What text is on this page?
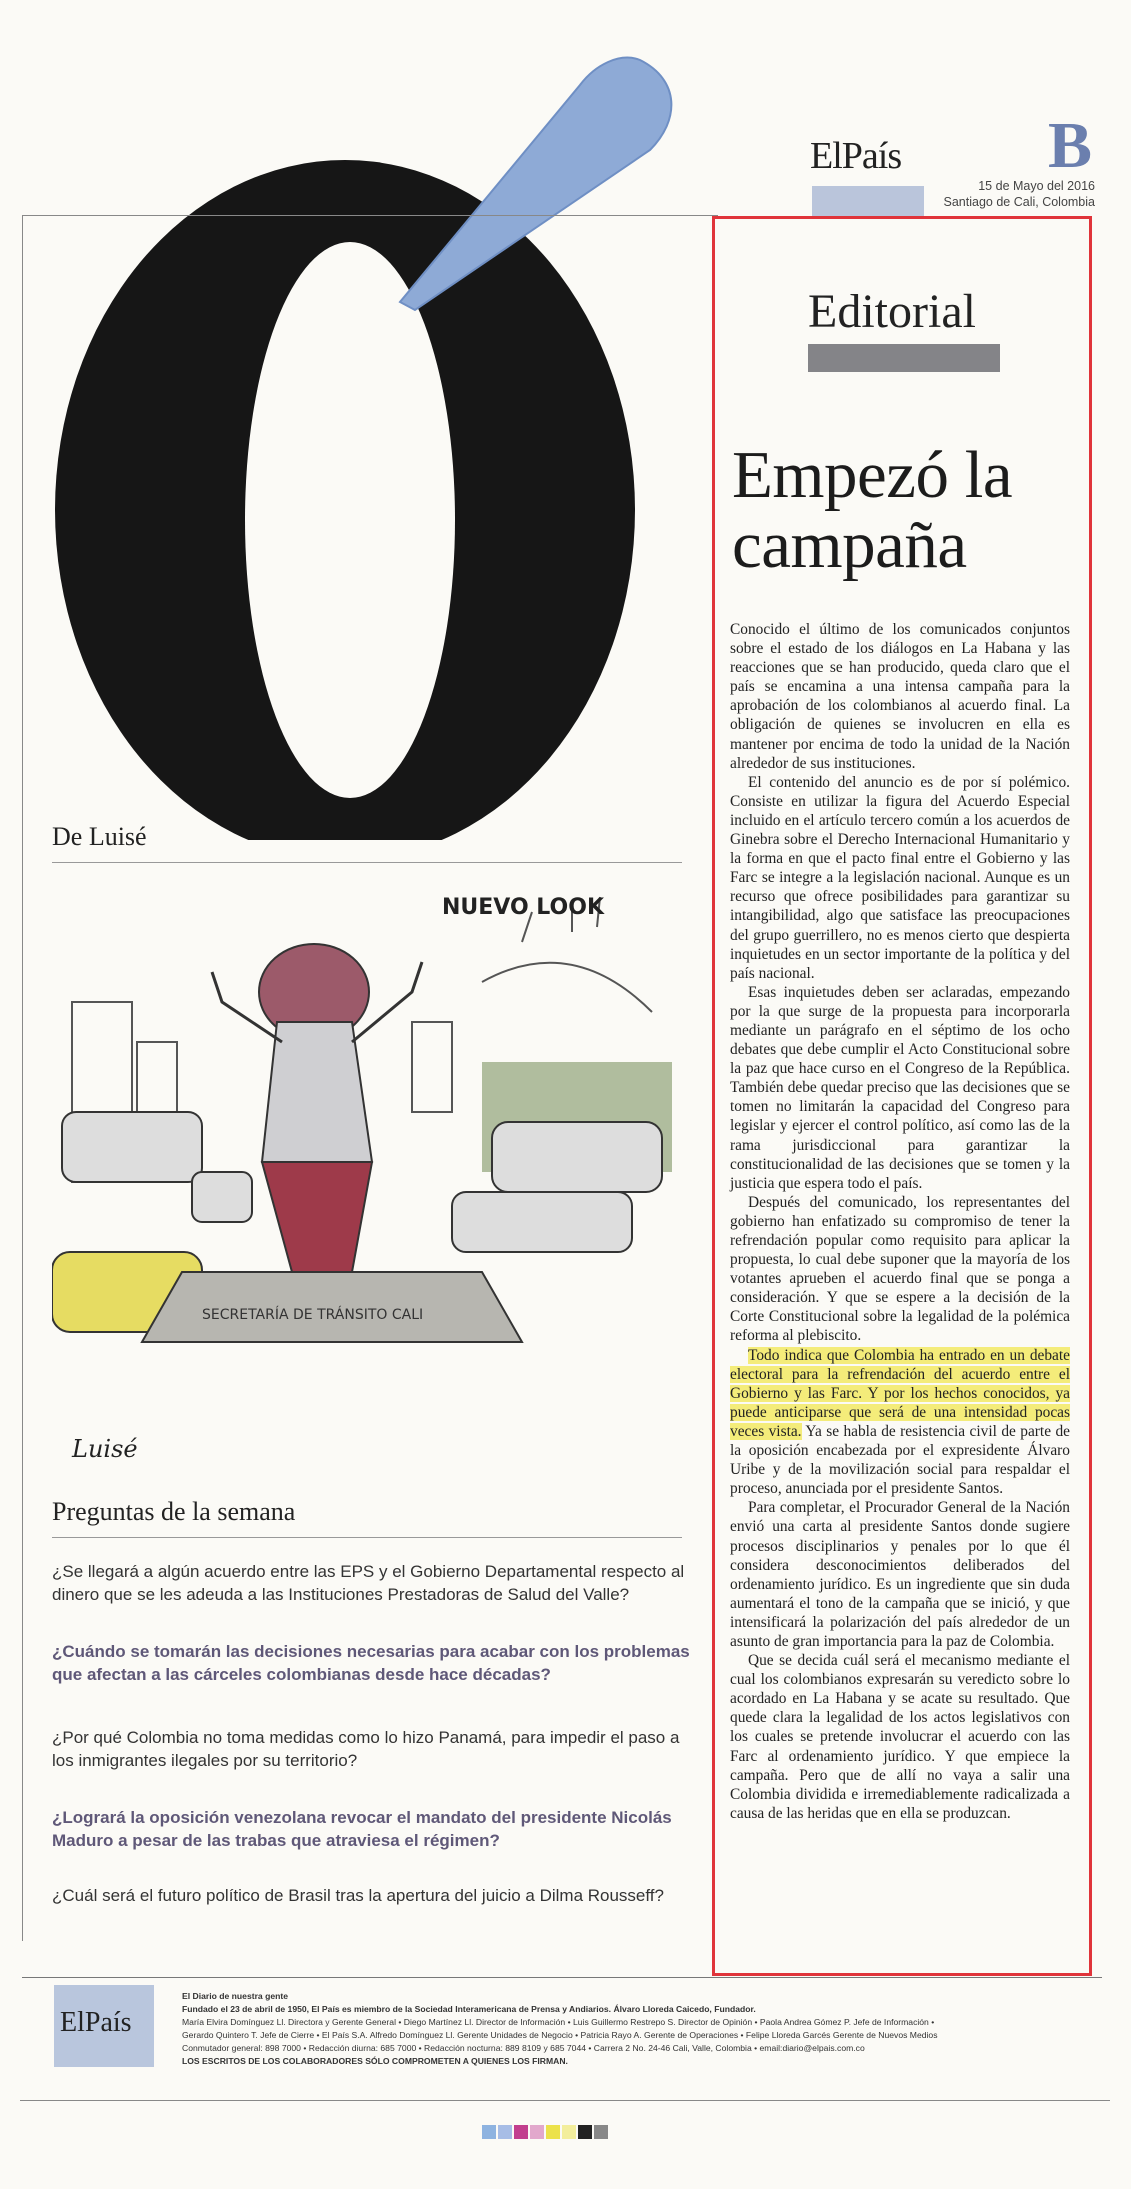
ElPaís B
15 de Mayo del 2016
Santiago de Cali, Colombia
Editorial
Empezó la campaña

Conocido el último de los comunicados conjuntos sobre el estado de los diálogos en La Habana y las reacciones que se han producido, queda claro que el país se encamina a una intensa campaña para la aprobación de los colombianos al acuerdo final. La obligación de quienes se involucren en ella es mantener por encima de todo la unidad de la Nación alrededor de sus instituciones.

El contenido del anuncio es de por sí polémico. Consiste en utilizar la figura del Acuerdo Especial incluido en el artículo tercero común a los acuerdos de Ginebra sobre el Derecho Internacional Humanitario y la forma en que el pacto final entre el Gobierno y las Farc se integre a la legislación nacional. Aunque es un recurso que ofrece posibilidades para garantizar su intangibilidad, algo que satisface las preocupaciones del grupo guerrillero, no es menos cierto que despierta inquietudes en un sector importante de la política y del país nacional.

Esas inquietudes deben ser aclaradas, empezando por la que surge de la propuesta para incorporarla mediante un parágrafo en el séptimo de los ocho debates que debe cumplir el Acto Constitucional sobre la paz que hace curso en el Congreso de la República. También debe quedar preciso que las decisiones que se tomen no limitarán la capacidad del Congreso para legislar y ejercer el control político, así como las de la rama jurisdiccional para garantizar la constitucionalidad de las decisiones que se tomen y la justicia que espera todo el país.

Después del comunicado, los representantes del gobierno han enfatizado su compromiso de tener la refrendación popular como requisito para aplicar la propuesta, lo cual debe suponer que la mayoría de los votantes aprueben el acuerdo final que se ponga a consideración. Y que se espere a la decisión de la Corte Constitucional sobre la legalidad de la polémica reforma al plebiscito.

Todo indica que Colombia ha entrado en un debate electoral para la refrendación del acuerdo entre el Gobierno y las Farc. Y por los hechos conocidos, ya puede anticiparse que será de una intensidad pocas veces vista. Ya se habla de resistencia civil de parte de la oposición encabezada por el expresidente Álvaro Uribe y de la movilización social para respaldar el proceso, anunciada por el presidente Santos.

Para completar, el Procurador General de la Nación envió una carta al presidente Santos donde sugiere procesos disciplinarios y penales por lo que él considera desconocimientos deliberados del ordenamiento jurídico. Es un ingrediente que sin duda aumentará el tono de la campaña que se inició, y que intensificará la polarización del país alrededor de un asunto de gran importancia para la paz de Colombia.

Que se decida cuál será el mecanismo mediante el cual los colombianos expresarán su veredicto sobre lo acordado en La Habana y se acate su resultado. Que quede clara la legalidad de los actos legislativos con los cuales se pretende involucrar el acuerdo con las Farc al ordenamiento jurídico. Y que empiece la campaña. Pero que de allí no vaya a salir una Colombia dividida e irremediablemente radicalizada a causa de las heridas que en ella se produzcan.

De Luisé
SECRETARÍA DE TRÁNSITO CALI
NUEVO LOOK
Luisé
Preguntas de la semana
¿Se llegará a algún acuerdo entre las EPS y el Gobierno Departamental respecto al dinero que se les adeuda a las Instituciones Prestadoras de Salud del Valle?
¿Cuándo se tomarán las decisiones necesarias para acabar con los problemas que afectan a las cárceles colombianas desde hace décadas?
¿Por qué Colombia no toma medidas como lo hizo Panamá, para impedir el paso a los inmigrantes ilegales por su territorio?
¿Logrará la oposición venezolana revocar el mandato del presidente Nicolás Maduro a pesar de las trabas que atraviesa el régimen?
¿Cuál será el futuro político de Brasil tras la apertura del juicio a Dilma Rousseff?
ElPaís
El Diario de nuestra gente
Fundado el 23 de abril de 1950, El País es miembro de la Sociedad Interamericana de Prensa y Andiarios. Álvaro Lloreda Caicedo, Fundador.
María Elvira Domínguez Ll. Directora y Gerente General • Diego Martínez Ll. Director de Información • Luis Guillermo Restrepo S. Director de Opinión • Paola Andrea Gómez P. Jefe de Información •
Gerardo Quintero T. Jefe de Cierre • El País S.A. Alfredo Domínguez Ll. Gerente Unidades de Negocio • Patricia Rayo A. Gerente de Operaciones • Felipe Lloreda Garcés Gerente de Nuevos Medios
Conmutador general: 898 7000 • Redacción diurna: 685 7000 • Redacción nocturna: 889 8109 y 685 7044 • Carrera 2 No. 24-46 Cali, Valle, Colombia • email:diario@elpais.com.co
LOS ESCRITOS DE LOS COLABORADORES SÓLO COMPROMETEN A QUIENES LOS FIRMAN.
